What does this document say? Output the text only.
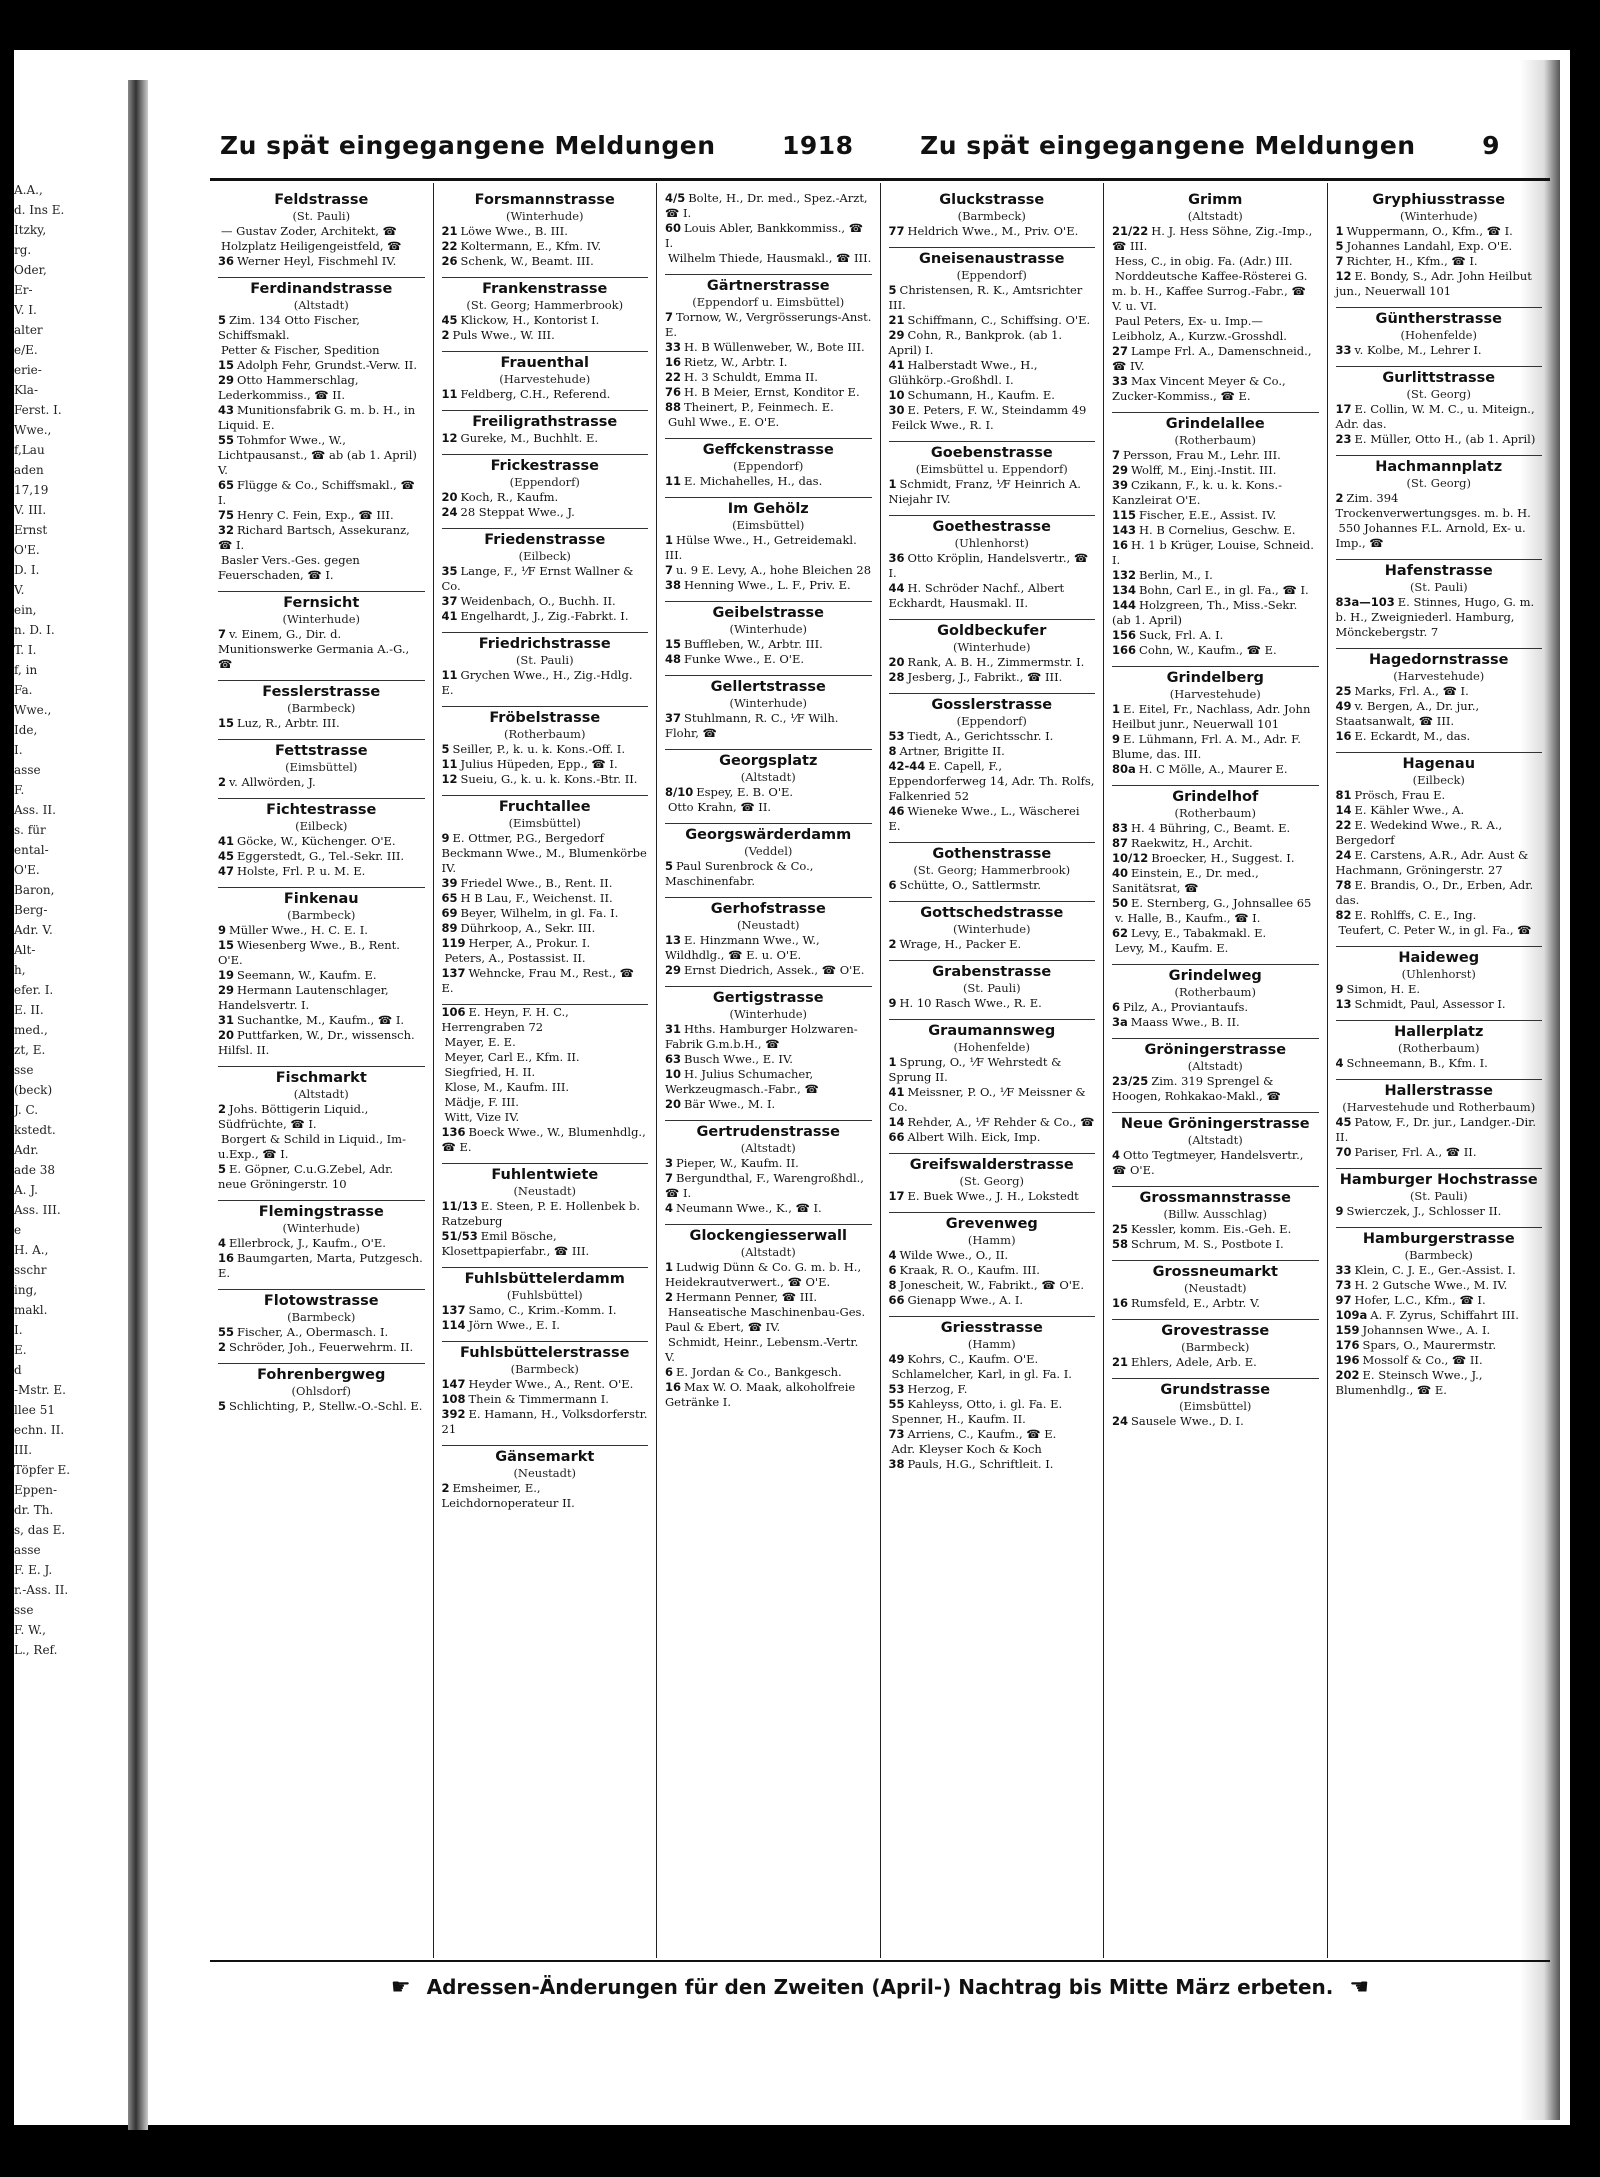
A.A.,
d. Ins E.
Itzky,
rg.
Oder,
Er-
V. I.
alter
e/E.
erie-
Kla-
Ferst. I.
Wwe.,
f,Lau
aden
17,19
V. III.
Ernst
O'E.
D. I.
V.
ein,
n. D. I.
T. I.
f, in
Fa.
Wwe.,
Ide,
I.
asse
F.
Ass. II.
s. für
ental-
O'E.
Baron,
Berg-
Adr. V.
Alt-
h,
efer. I.
E. II.
med.,
zt, E.
sse
(beck)
J. C.
kstedt.
Adr.
ade 38
A. J.
Ass. III.
e
H. A.,
sschr
ing,
makl.
I.
E.
d
-Mstr. E.
llee 51
echn. II.
III.
Töpfer E.
Eppen-
dr. Th.
s, das E.
asse
F. E. J.
r.-Ass. II.
sse
F. W.,
L., Ref.
Zu spät eingegangene Meldungen	1918	Zu spät eingegangene Meldungen	9
Feldstrasse
(St. Pauli)
— Gustav Zoder, Architekt, ☎
Holzplatz Heiligengeistfeld, ☎
36 Werner Heyl, Fischmehl IV.
Ferdinandstrasse
(Altstadt)
5 Zim. 134 Otto Fischer, Schiffsmakl.
Petter & Fischer, Spedition
15 Adolph Fehr, Grundst.-Verw. II.
29 Otto Hammerschlag, Lederkommiss., ☎ II.
43 Munitionsfabrik G. m. b. H., in Liquid. E.
55 Tohmfor Wwe., W., Lichtpausanst., ☎ ab (ab 1. April) V.
65 Flügge & Co., Schiffsmakl., ☎ I.
75 Henry C. Fein, Exp., ☎ III.
32 Richard Bartsch, Assekuranz, ☎ I.
Basler Vers.-Ges. gegen Feuerschaden, ☎ I.
Fernsicht
(Winterhude)
7 v. Einem, G., Dir. d. Munitionswerke Germania A.-G., ☎
Fesslerstrasse
(Barmbeck)
15 Luz, R., Arbtr. III.
Fettstrasse
(Eimsbüttel)
2 v. Allwörden, J.
Fichtestrasse
(Eilbeck)
41 Göcke, W., Küchenger. O'E.
45 Eggerstedt, G., Tel.-Sekr. III.
47 Holste, Frl. P. u. M. E.
Finkenau
(Barmbeck)
9 Müller Wwe., H. C. E. I.
15 Wiesenberg Wwe., B., Rent. O'E.
19 Seemann, W., Kaufm. E.
29 Hermann Lautenschlager, Handelsvertr. I.
31 Suchantke, M., Kaufm., ☎ I.
20 Puttfarken, W., Dr., wissensch. Hilfsl. II.
Fischmarkt
(Altstadt)
2 Johs. Böttigerin Liquid., Südfrüchte, ☎ I.
Borgert & Schild in Liquid., Im-u.Exp., ☎ I.
5 E. Göpner, C.u.G.Zebel, Adr. neue Gröningerstr. 10
Flemingstrasse
(Winterhude)
4 Ellerbrock, J., Kaufm., O'E.
16 Baumgarten, Marta, Putzgesch. E.
Flotowstrasse
(Barmbeck)
55 Fischer, A., Obermasch. I.
2 Schröder, Joh., Feuerwehrm. II.
Fohrenbergweg
(Ohlsdorf)
5 Schlichting, P., Stellw.-O.-Schl. E.
Forsmannstrasse
(Winterhude)
21 Löwe Wwe., B. III.
22 Koltermann, E., Kfm. IV.
26 Schenk, W., Beamt. III.
Frankenstrasse
(St. Georg; Hammerbrook)
45 Klickow, H., Kontorist I.
2 Puls Wwe., W. III.
Frauenthal
(Harvestehude)
11 Feldberg, C.H., Referend.
Freiligrathstrasse
12 Gureke, M., Buchhlt. E.
Frickestrasse
(Eppendorf)
20 Koch, R., Kaufm.
24 28 Steppat Wwe., J.
Friedenstrasse
(Eilbeck)
35 Lange, F., ⅟F Ernst Wallner & Co.
37 Weidenbach, O., Buchh. II.
41 Engelhardt, J., Zig.-Fabrkt. I.
Friedrichstrasse
(St. Pauli)
11 Grychen Wwe., H., Zig.-Hdlg. E.
Fröbelstrasse
(Rotherbaum)
5 Seiller, P., k. u. k. Kons.-Off. I.
11 Julius Hüpeden, Epp., ☎ I.
12 Sueiu, G., k. u. k. Kons.-Btr. II.
Fruchtallee
(Eimsbüttel)
9 E. Ottmer, P.G., Bergedorf Beckmann Wwe., M., Blumenkörbe IV.
39 Friedel Wwe., B., Rent. II.
65 H B Lau, F., Weichenst. II.
69 Beyer, Wilhelm, in gl. Fa. I.
89 Dührkoop, A., Sekr. III.
119 Herper, A., Prokur. I.
Peters, A., Postassist. II.
137 Wehncke, Frau M., Rest., ☎ E.
106 E. Heyn, F. H. C., Herrengraben 72
Mayer, E. E.
Meyer, Carl E., Kfm. II.
Siegfried, H. II.
Klose, M., Kaufm. III.
Mädje, F. III.
Witt, Vize IV.
136 Boeck Wwe., W., Blumenhdlg., ☎ E.
Fuhlentwiete
(Neustadt)
11/13 E. Steen, P. E. Hollenbek b. Ratzeburg
51/53 Emil Bösche, Klosettpapierfabr., ☎ III.
Fuhlsbüttelerdamm
(Fuhlsbüttel)
137 Samo, C., Krim.-Komm. I.
114 Jörn Wwe., E. I.
Fuhlsbüttelerstrasse
(Barmbeck)
147 Heyder Wwe., A., Rent. O'E.
108 Thein & Timmermann I.
392 E. Hamann, H., Volksdorferstr. 21
Gänsemarkt
(Neustadt)
2 Emsheimer, E., Leichdornoperateur II.
4/5 Bolte, H., Dr. med., Spez.-Arzt, ☎ I.
60 Louis Abler, Bankkommiss., ☎ I.
Wilhelm Thiede, Hausmakl., ☎ III.
Gärtnerstrasse
(Eppendorf u. Eimsbüttel)
7 Tornow, W., Vergrösserungs-Anst. E.
33 H. B Wüllenweber, W., Bote III.
16 Rietz, W., Arbtr. I.
22 H. 3 Schuldt, Emma II.
76 H. B Meier, Ernst, Konditor E.
88 Theinert, P., Feinmech. E.
Guhl Wwe., E. O'E.
Geffckenstrasse
(Eppendorf)
11 E. Michahelles, H., das.
Im Gehölz
(Eimsbüttel)
1 Hülse Wwe., H., Getreidemakl. III.
7 u. 9 E. Levy, A., hohe Bleichen 28
38 Henning Wwe., L. F., Priv. E.
Geibelstrasse
(Winterhude)
15 Buffleben, W., Arbtr. III.
48 Funke Wwe., E. O'E.
Gellertstrasse
(Winterhude)
37 Stuhlmann, R. C., ⅟F Wilh. Flohr, ☎
Georgsplatz
(Altstadt)
8/10 Espey, E. B. O'E.
Otto Krahn, ☎ II.
Georgswärderdamm
(Veddel)
5 Paul Surenbrock & Co., Maschinenfabr.
Gerhofstrasse
(Neustadt)
13 E. Hinzmann Wwe., W., Wildhdlg., ☎ E. u. O'E.
29 Ernst Diedrich, Assek., ☎ O'E.
Gertigstrasse
(Winterhude)
31 Hths. Hamburger Holzwaren-Fabrik G.m.b.H., ☎
63 Busch Wwe., E. IV.
10 H. Julius Schumacher, Werkzeugmasch.-Fabr., ☎
20 Bär Wwe., M. I.
Gertrudenstrasse
(Altstadt)
3 Pieper, W., Kaufm. II.
7 Bergundthal, F., Warengroßhdl., ☎ I.
4 Neumann Wwe., K., ☎ I.
Glockengiesserwall
(Altstadt)
1 Ludwig Dünn & Co. G. m. b. H., Heidekrautverwert., ☎ O'E.
2 Hermann Penner, ☎ III.
Hanseatische Maschinenbau-Ges. Paul & Ebert, ☎ IV.
Schmidt, Heinr., Lebensm.-Vertr. V.
6 E. Jordan & Co., Bankgesch.
16 Max W. O. Maak, alkoholfreie Getränke I.
Gluckstrasse
(Barmbeck)
77 Heldrich Wwe., M., Priv. O'E.
Gneisenaustrasse
(Eppendorf)
5 Christensen, R. K., Amtsrichter III.
21 Schiffmann, C., Schiffsing. O'E.
29 Cohn, R., Bankprok. (ab 1. April) I.
41 Halberstadt Wwe., H., Glühkörp.-Großhdl. I.
10 Schumann, H., Kaufm. E.
30 E. Peters, F. W., Steindamm 49
Feilck Wwe., R. I.
Goebenstrasse
(Eimsbüttel u. Eppendorf)
1 Schmidt, Franz, ⅟F Heinrich A. Niejahr IV.
Goethestrasse
(Uhlenhorst)
36 Otto Kröplin, Handelsvertr., ☎ I.
44 H. Schröder Nachf., Albert Eckhardt, Hausmakl. II.
Goldbeckufer
(Winterhude)
20 Rank, A. B. H., Zimmermstr. I.
28 Jesberg, J., Fabrikt., ☎ III.
Gosslerstrasse
(Eppendorf)
53 Tiedt, A., Gerichtsschr. I.
8 Artner, Brigitte II.
42-44 E. Capell, F., Eppendorferweg 14, Adr. Th. Rolfs, Falkenried 52
46 Wieneke Wwe., L., Wäscherei E.
Gothenstrasse
(St. Georg; Hammerbrook)
6 Schütte, O., Sattlermstr.
Gottschedstrasse
(Winterhude)
2 Wrage, H., Packer E.
Grabenstrasse
(St. Pauli)
9 H. 10 Rasch Wwe., R. E.
Graumannsweg
(Hohenfelde)
1 Sprung, O., ⅟F Wehrstedt & Sprung II.
41 Meissner, P. O., ⅟F Meissner & Co.
14 Rehder, A., ⅟F Rehder & Co., ☎
66 Albert Wilh. Eick, Imp.
Greifswalderstrasse
(St. Georg)
17 E. Buek Wwe., J. H., Lokstedt
Grevenweg
(Hamm)
4 Wilde Wwe., O., II.
6 Kraak, R. O., Kaufm. III.
8 Jonescheit, W., Fabrikt., ☎ O'E.
66 Gienapp Wwe., A. I.
Griesstrasse
(Hamm)
49 Kohrs, C., Kaufm. O'E.
Schlamelcher, Karl, in gl. Fa. I.
53 Herzog, F.
55 Kahleyss, Otto, i. gl. Fa. E.
Spenner, H., Kaufm. II.
73 Arriens, C., Kaufm., ☎ E.
Adr. Kleyser Koch & Koch
38 Pauls, H.G., Schriftleit. I.
Grimm
(Altstadt)
21/22 H. J. Hess Söhne, Zig.-Imp., ☎ III.
Hess, C., in obig. Fa. (Adr.) III.
Norddeutsche Kaffee-Rösterei G. m. b. H., Kaffee Surrog.-Fabr., ☎ V. u. VI.
Paul Peters, Ex- u. Imp.— Leibholz, A., Kurzw.-Grosshdl.
27 Lampe Frl. A., Damenschneid., ☎ IV.
33 Max Vincent Meyer & Co., Zucker-Kommiss., ☎ E.
Grindelallee
(Rotherbaum)
7 Persson, Frau M., Lehr. III.
29 Wolff, M., Einj.-Instit. III.
39 Czikann, F., k. u. k. Kons.-Kanzleirat O'E.
115 Fischer, E.E., Assist. IV.
143 H. B Cornelius, Geschw. E.
16 H. 1 b Krüger, Louise, Schneid. I.
132 Berlin, M., I.
134 Bohn, Carl E., in gl. Fa., ☎ I.
144 Holzgreen, Th., Miss.-Sekr. (ab 1. April)
156 Suck, Frl. A. I.
166 Cohn, W., Kaufm., ☎ E.
Grindelberg
(Harvestehude)
1 E. Eitel, Fr., Nachlass, Adr. John Heilbut junr., Neuerwall 101
9 E. Lühmann, Frl. A. M., Adr. F. Blume, das. III.
80a H. C Mölle, A., Maurer E.
Grindelhof
(Rotherbaum)
83 H. 4 Bühring, C., Beamt. E.
87 Raekwitz, H., Archit.
10/12 Broecker, H., Suggest. I.
40 Einstein, E., Dr. med., Sanitätsrat, ☎
50 E. Sternberg, G., Johnsallee 65
v. Halle, B., Kaufm., ☎ I.
62 Levy, E., Tabakmakl. E.
Levy, M., Kaufm. E.
Grindelweg
(Rotherbaum)
6 Pilz, A., Proviantaufs.
3a Maass Wwe., B. II.
Gröningerstrasse
(Altstadt)
23/25 Zim. 319 Sprengel & Hoogen, Rohkakao-Makl., ☎
Neue Gröningerstrasse
(Altstadt)
4 Otto Tegtmeyer, Handelsvertr., ☎ O'E.
Grossmannstrasse
(Billw. Ausschlag)
25 Kessler, komm. Eis.-Geh. E.
58 Schrum, M. S., Postbote I.
Grossneumarkt
(Neustadt)
16 Rumsfeld, E., Arbtr. V.
Grovestrasse
(Barmbeck)
21 Ehlers, Adele, Arb. E.
Grundstrasse
(Eimsbüttel)
24 Sausele Wwe., D. I.
Gryphiusstrasse
(Winterhude)
1 Wuppermann, O., Kfm., ☎ I.
5 Johannes Landahl, Exp. O'E.
7 Richter, H., Kfm., ☎ I.
12 E. Bondy, S., Adr. John Heilbut jun., Neuerwall 101
Güntherstrasse
(Hohenfelde)
33 v. Kolbe, M., Lehrer I.
Gurlittstrasse
(St. Georg)
17 E. Collin, W. M. C., u. Miteign., Adr. das.
23 E. Müller, Otto H., (ab 1. April)
Hachmannplatz
(St. Georg)
2 Zim. 394 Trockenverwertungsges. m. b. H.
550 Johannes F.L. Arnold, Ex- u. Imp., ☎
Hafenstrasse
(St. Pauli)
83a—103 E. Stinnes, Hugo, G. m. b. H., Zweigniederl. Hamburg, Mönckebergstr. 7
Hagedornstrasse
(Harvestehude)
25 Marks, Frl. A., ☎ I.
49 v. Bergen, A., Dr. jur., Staatsanwalt, ☎ III.
16 E. Eckardt, M., das.
Hagenau
(Eilbeck)
81 Prösch, Frau E.
14 E. Kähler Wwe., A.
22 E. Wedekind Wwe., R. A., Bergedorf
24 E. Carstens, A.R., Adr. Aust & Hachmann, Gröningerstr. 27
78 E. Brandis, O., Dr., Erben, Adr. das.
82 E. Rohlffs, C. E., Ing.
Teufert, C. Peter W., in gl. Fa., ☎
Haideweg
(Uhlenhorst)
9 Simon, H. E.
13 Schmidt, Paul, Assessor I.
Hallerplatz
(Rotherbaum)
4 Schneemann, B., Kfm. I.
Hallerstrasse
(Harvestehude und Rotherbaum)
45 Patow, F., Dr. jur., Landger.-Dir. II.
70 Pariser, Frl. A., ☎ II.
Hamburger Hochstrasse
(St. Pauli)
9 Swierczek, J., Schlosser II.
Hamburgerstrasse
(Barmbeck)
33 Klein, C. J. E., Ger.-Assist. I.
73 H. 2 Gutsche Wwe., M. IV.
97 Hofer, L.C., Kfm., ☎ I.
109a A. F. Zyrus, Schiffahrt III.
159 Johannsen Wwe., A. I.
176 Spars, O., Maurermstr.
196 Mossolf & Co., ☎ II.
202 E. Steinsch Wwe., J., Blumenhdlg., ☎ E.
☛ Adressen-Änderungen für den Zweiten (April-) Nachtrag bis Mitte März erbeten. ☚
